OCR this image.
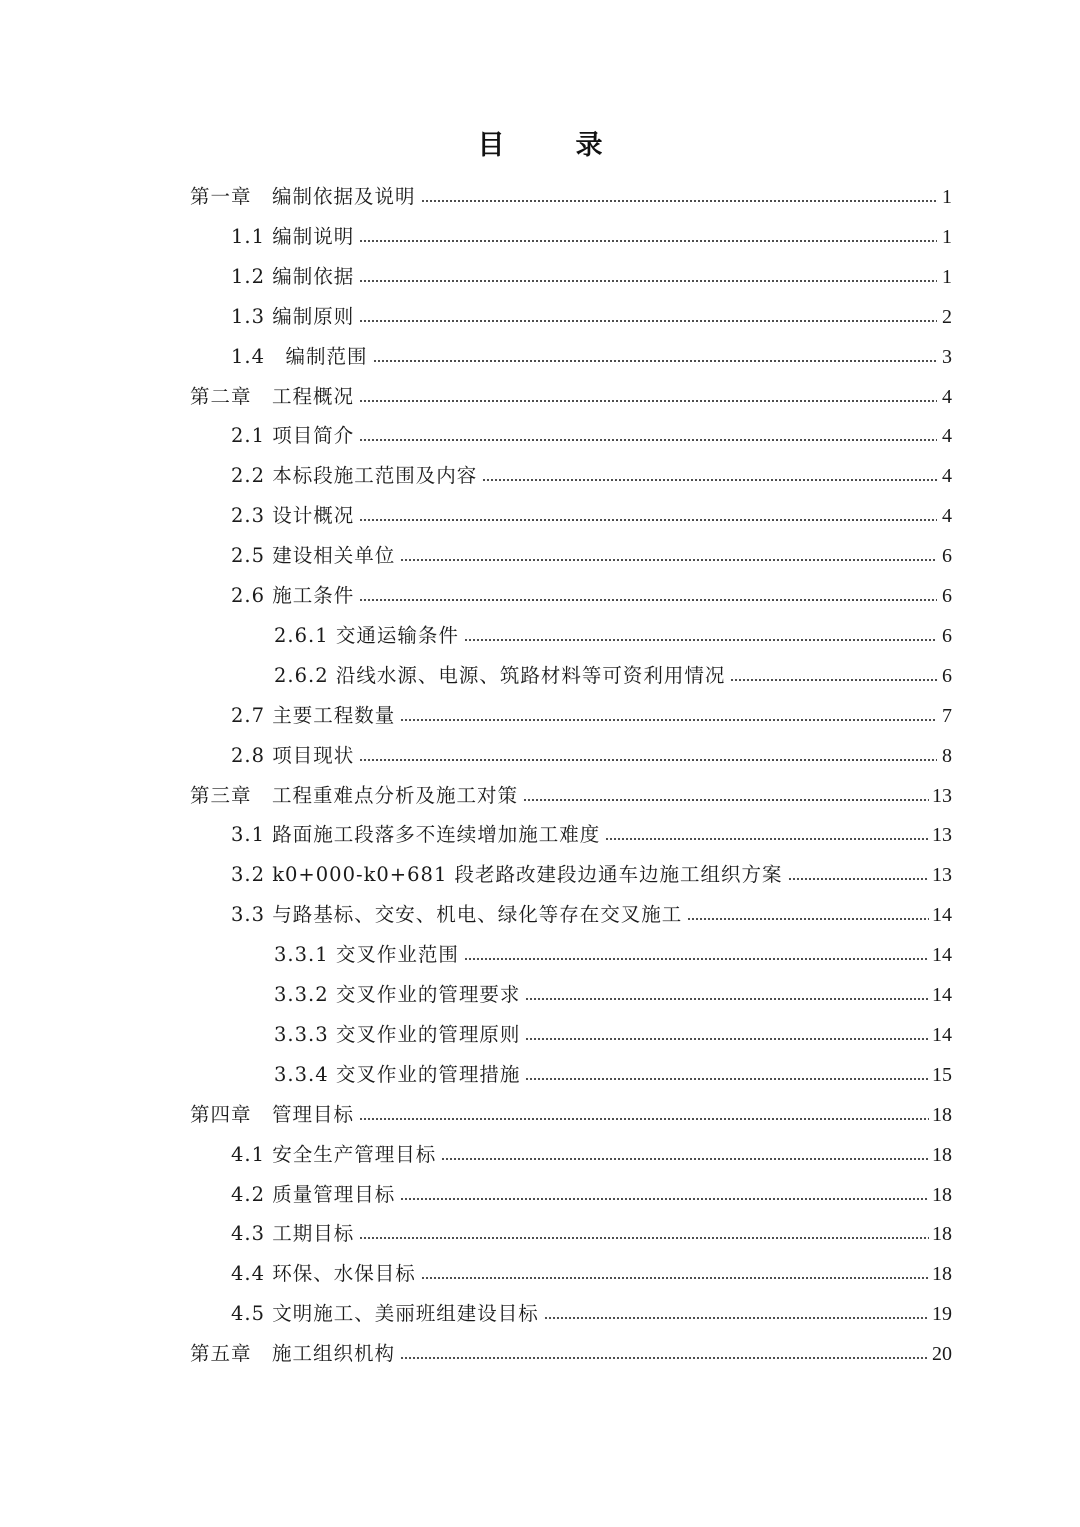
目　录
第一章　编制依据及说明	1
1.1 编制说明	1
1.2 编制依据	1
1.3 编制原则	2
1.4　编制范围	3
第二章　工程概况	4
2.1 项目简介	4
2.2 本标段施工范围及内容	4
2.3 设计概况	4
2.5 建设相关单位	6
2.6 施工条件	6
2.6.1 交通运输条件	6
2.6.2 沿线水源、电源、筑路材料等可资利用情况	6
2.7 主要工程数量	7
2.8 项目现状	8
第三章　工程重难点分析及施工对策	13
3.1 路面施工段落多不连续增加施工难度	13
3.2 k0+000-k0+681 段老路改建段边通车边施工组织方案	13
3.3 与路基标、交安、机电、绿化等存在交叉施工	14
3.3.1 交叉作业范围	14
3.3.2 交叉作业的管理要求	14
3.3.3 交叉作业的管理原则	14
3.3.4 交叉作业的管理措施	15
第四章　管理目标	18
4.1 安全生产管理目标	18
4.2 质量管理目标	18
4.3 工期目标	18
4.4 环保、水保目标	18
4.5 文明施工、美丽班组建设目标	19
第五章　施工组织机构	20
